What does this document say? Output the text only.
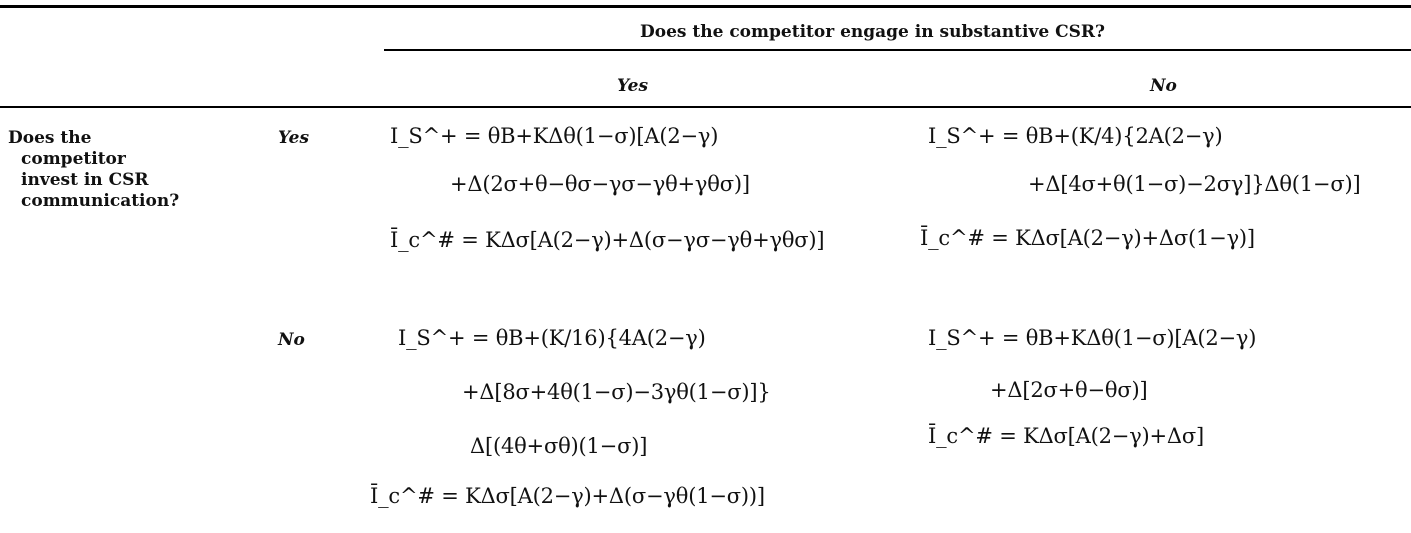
Does the competitor engage in substantive CSR?
Yes	No
Does the
competitor
invest in CSR
communication?
Yes
No
I_S^+ = θB+KΔθ(1−σ)[A(2−γ)
+Δ(2σ+θ−θσ−γσ−γθ+γθσ)]
Ī_c^# = KΔσ[A(2−γ)+Δ(σ−γσ−γθ+γθσ)]
I_S^+ = θB+(K/4){2A(2−γ)
+Δ[4σ+θ(1−σ)−2σγ]}Δθ(1−σ)]
Ī_c^# = KΔσ[A(2−γ)+Δσ(1−γ)]
I_S^+ = θB+(K/16){4A(2−γ)
+Δ[8σ+4θ(1−σ)−3γθ(1−σ)]}
Δ[(4θ+σθ)(1−σ)]
Ī_c^# = KΔσ[A(2−γ)+Δ(σ−γθ(1−σ))]
I_S^+ = θB+KΔθ(1−σ)[A(2−γ)
+Δ[2σ+θ−θσ)]
Ī_c^# = KΔσ[A(2−γ)+Δσ]
